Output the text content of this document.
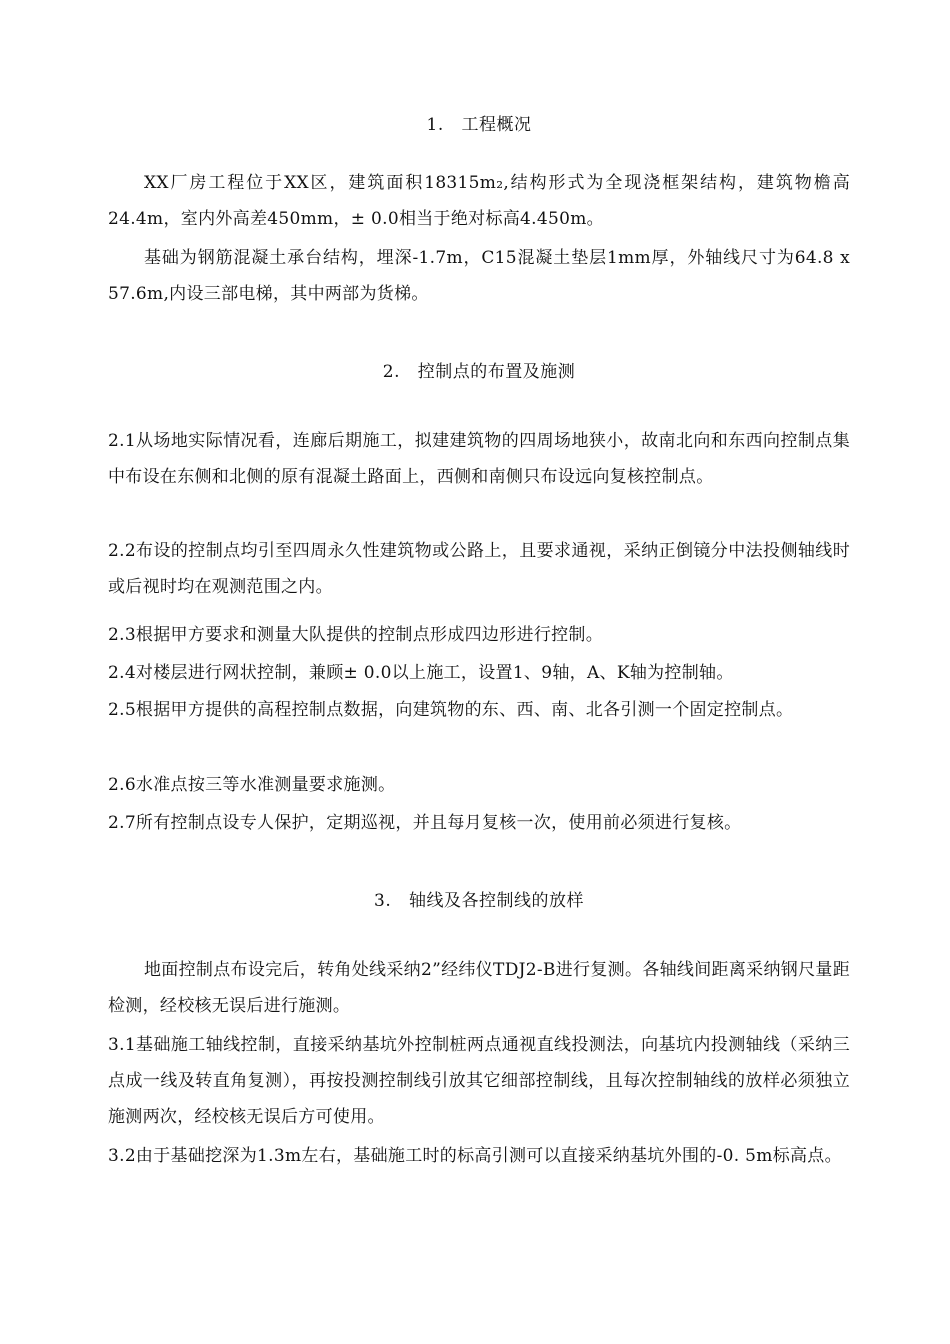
1.   工程概况
XX厂房工程位于XX区，建筑面积18315m₂,结构形式为全现浇框架结构，建筑物檐高24.4m，室内外高差450mm，± 0.0相当于绝对标高4.450m。
基础为钢筋混凝土承台结构，埋深-1.7m，C15混凝土垫层1mm厚，外轴线尺寸为64.8 x 57.6m,内设三部电梯，其中两部为货梯。
2.   控制点的布置及施测
2.1从场地实际情况看，连廊后期施工，拟建建筑物的四周场地狭小，故南北向和东西向控制点集中布设在东侧和北侧的原有混凝土路面上，西侧和南侧只布设远向复核控制点。
2.2布设的控制点均引至四周永久性建筑物或公路上，且要求通视，采纳正倒镜分中法投侧轴线时或后视时均在观测范围之内。
2.3根据甲方要求和测量大队提供的控制点形成四边形进行控制。
2.4对楼层进行网状控制，兼顾± 0.0以上施工，设置1、9轴，A、K轴为控制轴。
2.5根据甲方提供的高程控制点数据，向建筑物的东、西、南、北各引测一个固定控制点。
2.6水准点按三等水准测量要求施测。
2.7所有控制点设专人保护，定期巡视，并且每月复核一次，使用前必须进行复核。
3.   轴线及各控制线的放样
地面控制点布设完后，转角处线采纳2”经纬仪TDJ2-B进行复测。各轴线间距离采纳钢尺量距检测，经校核无误后进行施测。
3.1基础施工轴线控制，直接采纳基坑外控制桩两点通视直线投测法，向基坑内投测轴线（采纳三点成一线及转直角复测），再按投测控制线引放其它细部控制线，且每次控制轴线的放样必须独立施测两次，经校核无误后方可使用。
3.2由于基础挖深为1.3m左右，基础施工时的标高引测可以直接采纳基坑外围的-0. 5m标高点。
